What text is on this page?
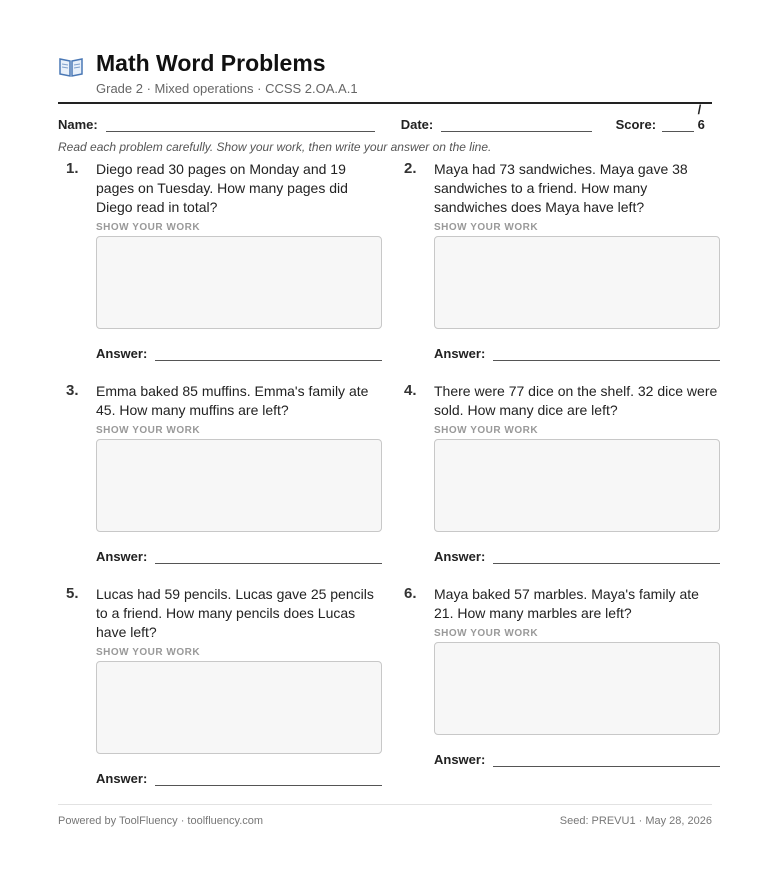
Math Word Problems
Grade 2 · Mixed operations · CCSS 2.OA.A.1
Name:	Date:	Score:
/ 6
Read each problem carefully. Show your work, then write your answer on the line.
1.	Diego read 30 pages on Monday and 19 pages on Tuesday. How many pages did Diego read in total?
SHOW YOUR WORK
Answer:
2.	Maya had 73 sandwiches. Maya gave 38 sandwiches to a friend. How many sandwiches does Maya have left?
SHOW YOUR WORK
Answer:
3.	Emma baked 85 muffins. Emma's family ate 45. How many muffins are left?
SHOW YOUR WORK
Answer:
4.	There were 77 dice on the shelf. 32 dice were sold. How many dice are left?
SHOW YOUR WORK
Answer:
5.	Lucas had 59 pencils. Lucas gave 25 pencils to a friend. How many pencils does Lucas have left?
SHOW YOUR WORK
Answer:
6.	Maya baked 57 marbles. Maya's family ate 21. How many marbles are left?
SHOW YOUR WORK
Answer:
Powered by ToolFluency · toolfluency.com	Seed: PREVU1 · May 28, 2026
